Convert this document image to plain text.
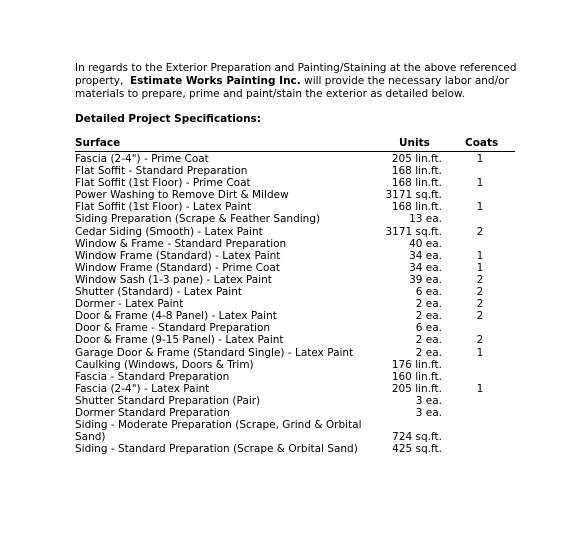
In regards to the Exterior Preparation and Painting/Staining at the above referenced property, Estimate Works Painting Inc. will provide the necessary labor and/or materials to prepare, prime and paint/stain the exterior as detailed below.
Detailed Project Specifications:
Surface	Units	Coats
Fascia (2-4") - Prime Coat	205 lin.ft.	1
Flat Soffit - Standard Preparation	168 lin.ft.
Flat Soffit (1st Floor) - Prime Coat	168 lin.ft.	1
Power Washing to Remove Dirt & Mildew	3171 sq.ft.
Flat Soffit (1st Floor) - Latex Paint	168 lin.ft.	1
Siding Preparation (Scrape & Feather Sanding)	13 ea.
Cedar Siding (Smooth) - Latex Paint	3171 sq.ft.	2
Window & Frame - Standard Preparation	40 ea.
Window Frame (Standard) - Latex Paint	34 ea.	1
Window Frame (Standard) - Prime Coat	34 ea.	1
Window Sash (1-3 pane) - Latex Paint	39 ea.	2
Shutter (Standard) - Latex Paint	6 ea.	2
Dormer - Latex Paint	2 ea.	2
Door & Frame (4-8 Panel) - Latex Paint	2 ea.	2
Door & Frame - Standard Preparation	6 ea.
Door & Frame (9-15 Panel) - Latex Paint	2 ea.	2
Garage Door & Frame (Standard Single) - Latex Paint	2 ea.	1
Caulking (Windows, Doors & Trim)	176 lin.ft.
Fascia - Standard Preparation	160 lin.ft.
Fascia (2-4") - Latex Paint	205 lin.ft.	1
Shutter Standard Preparation (Pair)	3 ea.
Dormer Standard Preparation	3 ea.
Siding - Moderate Preparation (Scrape, Grind & Orbital Sand)	724 sq.ft.
Siding - Standard Preparation (Scrape & Orbital Sand)	425 sq.ft.
